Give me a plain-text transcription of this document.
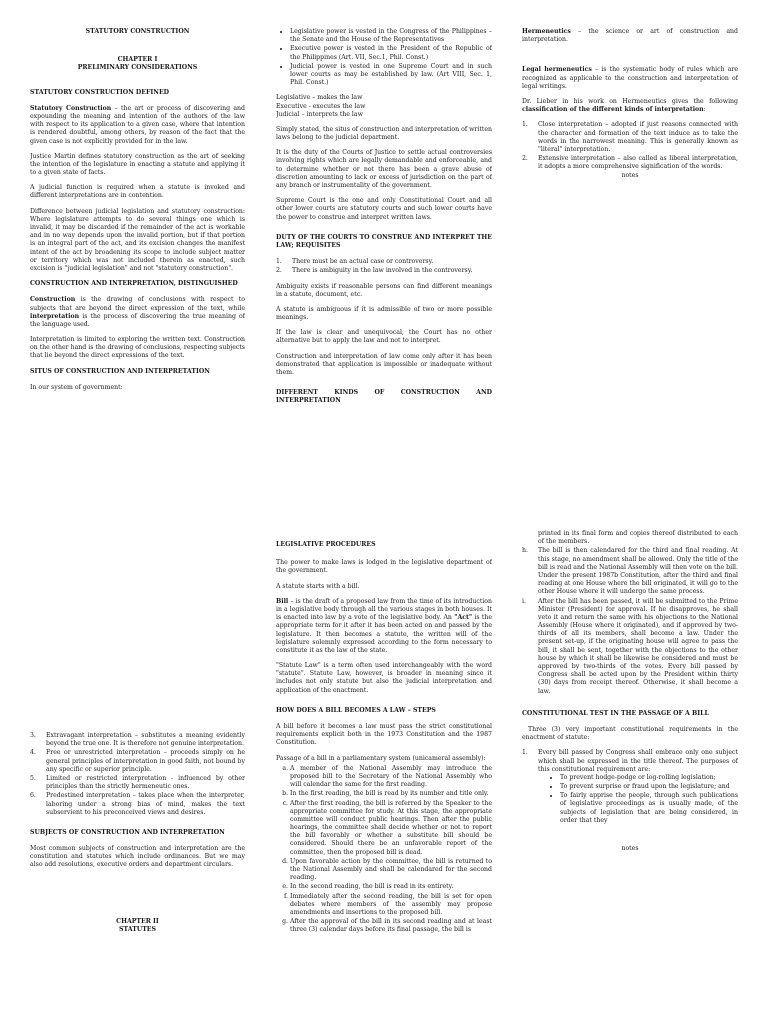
STATUTORY CONSTRUCTION
CHAPTER I
PRELIMINARY CONSIDERATIONS
STATUTORY CONSTRUCTION DEFINED

Statutory Construction – the art or process of discovering and expounding the meaning and intention of the authors of the law with respect to its application to a given case, where that intention is rendered doubtful, among others, by reason of the fact that the given case is not explicitly provided for in the law.

Justice Martin defines statutory construction as the art of seeking the intention of the legislature in enacting a statute and applying it to a given state of facts.

A judicial function is required when a statute is invoked and different interpretations are in contention.

Difference between judicial legislation and statutory construction: Where legislature attempts to do several things one which is invalid, it may be discarded if the remainder of the act is workable and in no way depends upon the invalid portion, but if that portion is an integral part of the act, and its excision changes the manifest intent of the act by broadening its scope to include subject matter or territory which was not included therein as enacted, such excision is "judicial legislation" and not "statutory construction".

CONSTRUCTION AND INTERPRETATION, DISTINGUISHED

Construction is the drawing of conclusions with respect to subjects that are beyond the direct expression of the text, while interpretation is the process of discovering the true meaning of the language used.

Interpretation is limited to exploring the written text. Construction on the other hand is the drawing of conclusions, respecting subjects that lie beyond the direct expressions of the text.

SITUS OF CONSTRUCTION AND INTERPRETATION

In our system of government:

• Legislative power is vested in the Congress of the Philippines – the Senate and the House of the Representatives
• Executive power is vested in the President of the Republic of the Philippines (Art. VII, Sec.1, Phil. Const.)
• Judicial power is vested in one Supreme Court and in such lower courts as may be established by law. (Art VIII, Sec. 1, Phil. Const.)
Legislative – makes the law
Executive - executes the law
Judicial – interprets the law

Simply stated, the situs of construction and interpretation of written laws belong to the judicial department.

It is the duty of the Courts of Justice to settle actual controversies involving rights which are legally demandable and enforceable, and to determine whether or not there has been a grave abuse of discretion amounting to lack or excess of jurisdiction on the part of any branch or instrumentality of the government.

Supreme Court is the one and only Constitutional Court and all other lower courts are statutory courts and such lower courts have the power to construe and interpret written laws.

DUTY OF THE COURTS TO CONSTRUE AND INTERPRET THE LAW; REQUISITES
1. There must be an actual case or controversy.
2. There is ambiguity in the law involved in the controversy.

Ambiguity exists if reasonable persons can find different meanings in a statute, document, etc.

A statute is ambiguous if it is admissible of two or more possible meanings.

If the law is clear and unequivocal, the Court has no other alternative but to apply the law and not to interpret.

Construction and interpretation of law come only after it has been demonstrated that application is impossible or inadequate without them.

DIFFERENT KINDS OF CONSTRUCTION AND INTERPRETATION

Hermeneutics – the science or art of construction and interpretation.

Legal hermeneutics – is the systematic body of rules which are recognized as applicable to the construction and interpretation of legal writings.

Dr. Lieber in his work on Hermeneutics gives the following classification of the different kinds of interpretation:

1. Close interpretation – adopted if just reasons connected with the character and formation of the text induce as to take the words in the narrowest meaning. This is generally known as "literal" interpretation.
2. Extensive interpretation – also called as liberal interpretation, it adopts a more comprehensive signification of the words.
notes
3. Extravagant interpretation – substitutes a meaning evidently beyond the true one. It is therefore not genuine interpretation.
4. Free or unrestricted interpretation – proceeds simply on he general principles of interpretation in good faith, not bound by any specific or superior principle.
5. Limited or restricted interpretation - influenced by other principles than the strictly hermeneutic ones.
6. Predestined interpretation – takes place when the interpreter, laboring under a strong bias of mind, makes the text subservient to his preconceived views and desires.
SUBJECTS OF CONSTRUCTION AND INTERPRETATION

Most common subjects of construction and interpretation are the constitution and statutes which include ordinances. But we may also add resolutions, executive orders and department circulars.

CHAPTER II
STATUTES
LEGISLATIVE PROCEDURES

The power to make laws is lodged in the legislative department of the government.

A statute starts with a bill.

Bill – is the draft of a proposed law from the time of its introduction in a legislative body through all the various stages in both houses. It is enacted into law by a vote of the legislative body. An "Act" is the appropriate term for it after it has been acted on and passed by the legislature. It then becomes a statute, the written will of the legislature solemnly expressed according to the form necessary to constitute it as the law of the state.

"Statute Law" is a term often used interchangeably with the word "statute". Statute Law, however, is broader in meaning since it includes not only statute but also the judicial interpretation and application of the enactment.

HOW DOES A BILL BECOMES A LAW – STEPS

A bill before it becomes a law must pass the strict constitutional requirements explicit both in the 1973 Constitution and the 1987 Constitution.

Passage of a bill in a parliamentary system (unicameral assembly):

a. A member of the National Assembly may introduce the proposed bill to the Secretary of the National Assembly who will calendar the same for the first reading.
b. In the first reading, the bill is read by its number and title only.
c. After the first reading, the bill is referred by the Speaker to the appropriate committee for study. At this stage, the appropriate committee will conduct public hearings. Then after the public hearings, the committee shall decide whether or not to report the bill favorably or whether a substitute bill should be considered. Should there be an unfavorable report of the committee, then the proposed bill is dead.
d. Upon favorable action by the committee, the bill is returned to the National Assembly and shall be calendared for the second reading.
e. In the second reading, the bill is read in its entirety.
f. Immediately after the second reading, the bill is set for open debates where members of the assembly may propose amendments and insertions to the proposed bill.
g. After the approval of the bill in its second reading and at least three (3) calendar days before its final passage, the bill is
printed in its final form and copies thereof distributed to each of the members.
h. The bill is then calendared for the third and final reading. At this stage, no amendment shall be allowed. Only the title of the bill is read and the National Assembly will then vote on the bill. Under the present 1987b Constitution, after the third and final reading at one House where the bill originated, it will go to the other House where it will undergo the same process.
i. After the bill has been passed, it will be submitted to the Prime Minister (President) for approval. If he disapproves, he shall veto it and return the same with his objections to the National Assembly (House where it originated), and if approved by two-thirds of all its members, shall become a law. Under the present set-up, if the originating house will agree to pass the bill, it shall be sent, together with the objections to the other house by which it shall be likewise be considered and must be approved by two-thirds of the votes. Every bill passed by Congress shall be acted upon by the President within thirty (30) days from receipt thereof. Otherwise, it shall become a law.
CONSTITUTIONAL TEST IN THE PASSAGE OF A BILL

Three (3) very important constitutional requirements in the enactment of statute:

1. Every bill passed by Congress shall embrace only one subject which shall be expressed in the title thereof. The purposes of this constitutional requirement are:
• To prevent hodge-podge or log-rolling legislation;
• To prevent surprise or fraud upon the legislature; and
• To fairly apprise the people, through such publications of legislative proceedings as is usually made, of the subjects of legislation that are being considered, in order that they
notes
